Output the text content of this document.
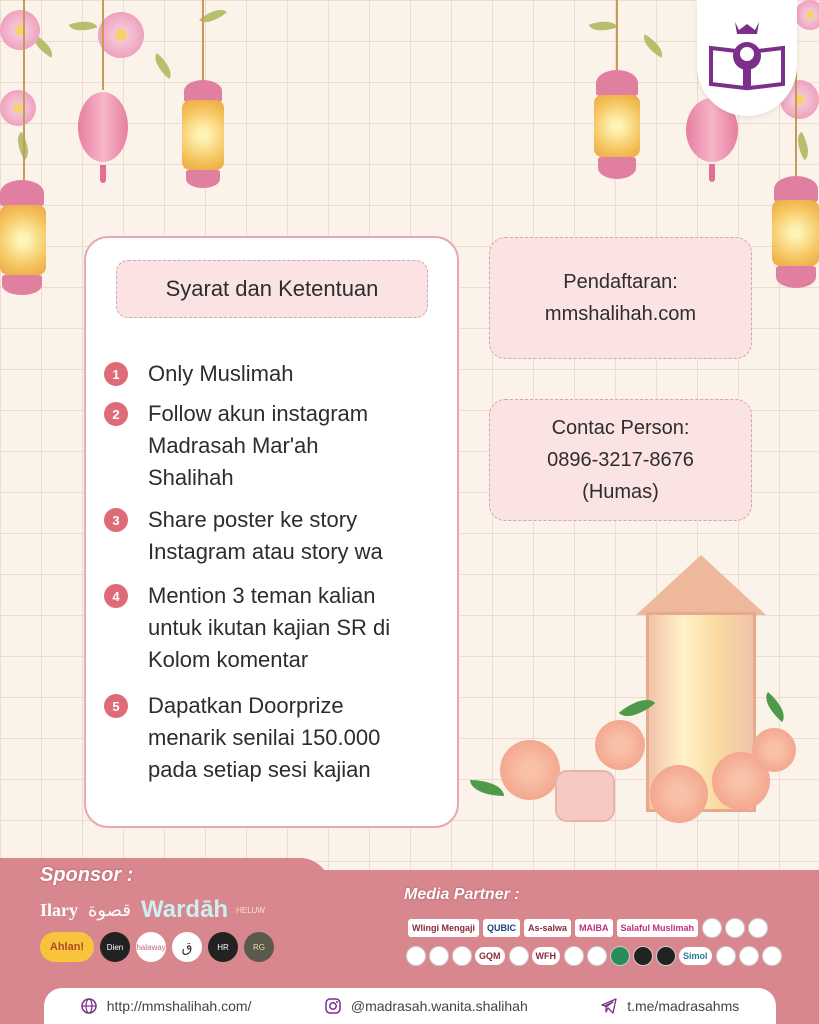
Syarat dan Ketentuan
1	Only Muslimah
2	Follow akun instagram
Madrasah Mar'ah
Shalihah
3	Share poster ke story
Instagram atau story wa
4	Mention 3 teman kalian
untuk ikutan kajian SR di
Kolom komentar
5	Dapatkan Doorprize
menarik senilai 150.000
pada setiap sesi kajian
Pendaftaran:
mmshalihah.com
Contac Person:
0896-3217-8676
(Humas)
Sponsor :
Ilary قصوة Wardāh HELUW
Ahlan!	Dien	halaway	ق	HR	RG
Media Partner :
Wlingi Mengaji	QUBIC	As-salwa	MAIBA	Salaful Muslimah
GQM	WFH	Simol
http://mmshalihah.com/	@madrasah.wanita.shalihah	t.me/madrasahms
